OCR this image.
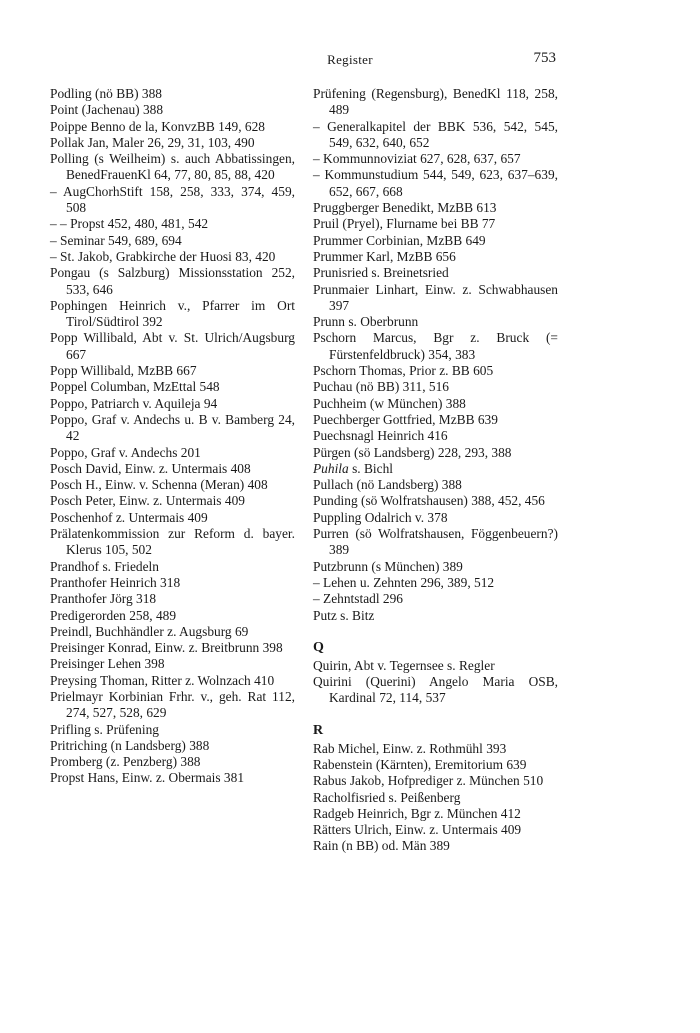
Register	753
Podling (nö BB) 388
Point (Jachenau) 388
Poippe Benno de la, KonvzBB 149, 628
Pollak Jan, Maler 26, 29, 31, 103, 490
Polling (s Weilheim) s. auch Abbatissingen, BenedFrauenKl 64, 77, 80, 85, 88, 420
– AugChorhStift 158, 258, 333, 374, 459, 508
– – Propst 452, 480, 481, 542
– Seminar 549, 689, 694
– St. Jakob, Grabkirche der Huosi 83, 420
Pongau (s Salzburg) Missionsstation 252, 533, 646
Pophingen Heinrich v., Pfarrer im Ort Tirol/Südtirol 392
Popp Willibald, Abt v. St. Ulrich/Augsburg 667
Popp Willibald, MzBB 667
Poppel Columban, MzEttal 548
Poppo, Patriarch v. Aquileja 94
Poppo, Graf v. Andechs u. B v. Bamberg 24, 42
Poppo, Graf v. Andechs 201
Posch David, Einw. z. Untermais 408
Posch H., Einw. v. Schenna (Meran) 408
Posch Peter, Einw. z. Untermais 409
Poschenhof z. Untermais 409
Prälatenkommission zur Reform d. bayer. Klerus 105, 502
Prandhof s. Friedeln
Pranthofer Heinrich 318
Pranthofer Jörg 318
Predigerorden 258, 489
Preindl, Buchhändler z. Augsburg 69
Preisinger Konrad, Einw. z. Breitbrunn 398
Preisinger Lehen 398
Preysing Thoman, Ritter z. Wolnzach 410
Prielmayr Korbinian Frhr. v., geh. Rat 112, 274, 527, 528, 629
Prifling s. Prüfening
Pritriching (n Landsberg) 388
Promberg (z. Penzberg) 388
Propst Hans, Einw. z. Obermais 381
Prüfening (Regensburg), BenedKl 118, 258, 489
– Generalkapitel der BBK 536, 542, 545, 549, 632, 640, 652
– Kommunnoviziat 627, 628, 637, 657
– Kommunstudium 544, 549, 623, 637–639, 652, 667, 668
Pruggberger Benedikt, MzBB 613
Pruil (Pryel), Flurname bei BB 77
Prummer Corbinian, MzBB 649
Prummer Karl, MzBB 656
Prunisried s. Breinetsried
Prunmaier Linhart, Einw. z. Schwabhausen 397
Prunn s. Oberbrunn
Pschorn Marcus, Bgr z. Bruck (= Fürstenfeldbruck) 354, 383
Pschorn Thomas, Prior z. BB 605
Puchau (nö BB) 311, 516
Puchheim (w München) 388
Puechberger Gottfried, MzBB 639
Puechsnagl Heinrich 416
Pürgen (sö Landsberg) 228, 293, 388
Puhila s. Bichl
Pullach (nö Landsberg) 388
Punding (sö Wolfratshausen) 388, 452, 456
Puppling Odalrich v. 378
Purren (sö Wolfratshausen, Föggenbeuern?) 389
Putzbrunn (s München) 389
– Lehen u. Zehnten 296, 389, 512
– Zehntstadl 296
Putz s. Bitz
Q
Quirin, Abt v. Tegernsee s. Regler
Quirini (Querini) Angelo Maria OSB, Kardinal 72, 114, 537
R
Rab Michel, Einw. z. Rothmühl 393
Rabenstein (Kärnten), Eremitorium 639
Rabus Jakob, Hofprediger z. München 510
Racholfisried s. Peißenberg
Radgeb Heinrich, Bgr z. München 412
Rätters Ulrich, Einw. z. Untermais 409
Rain (n BB) od. Män 389
